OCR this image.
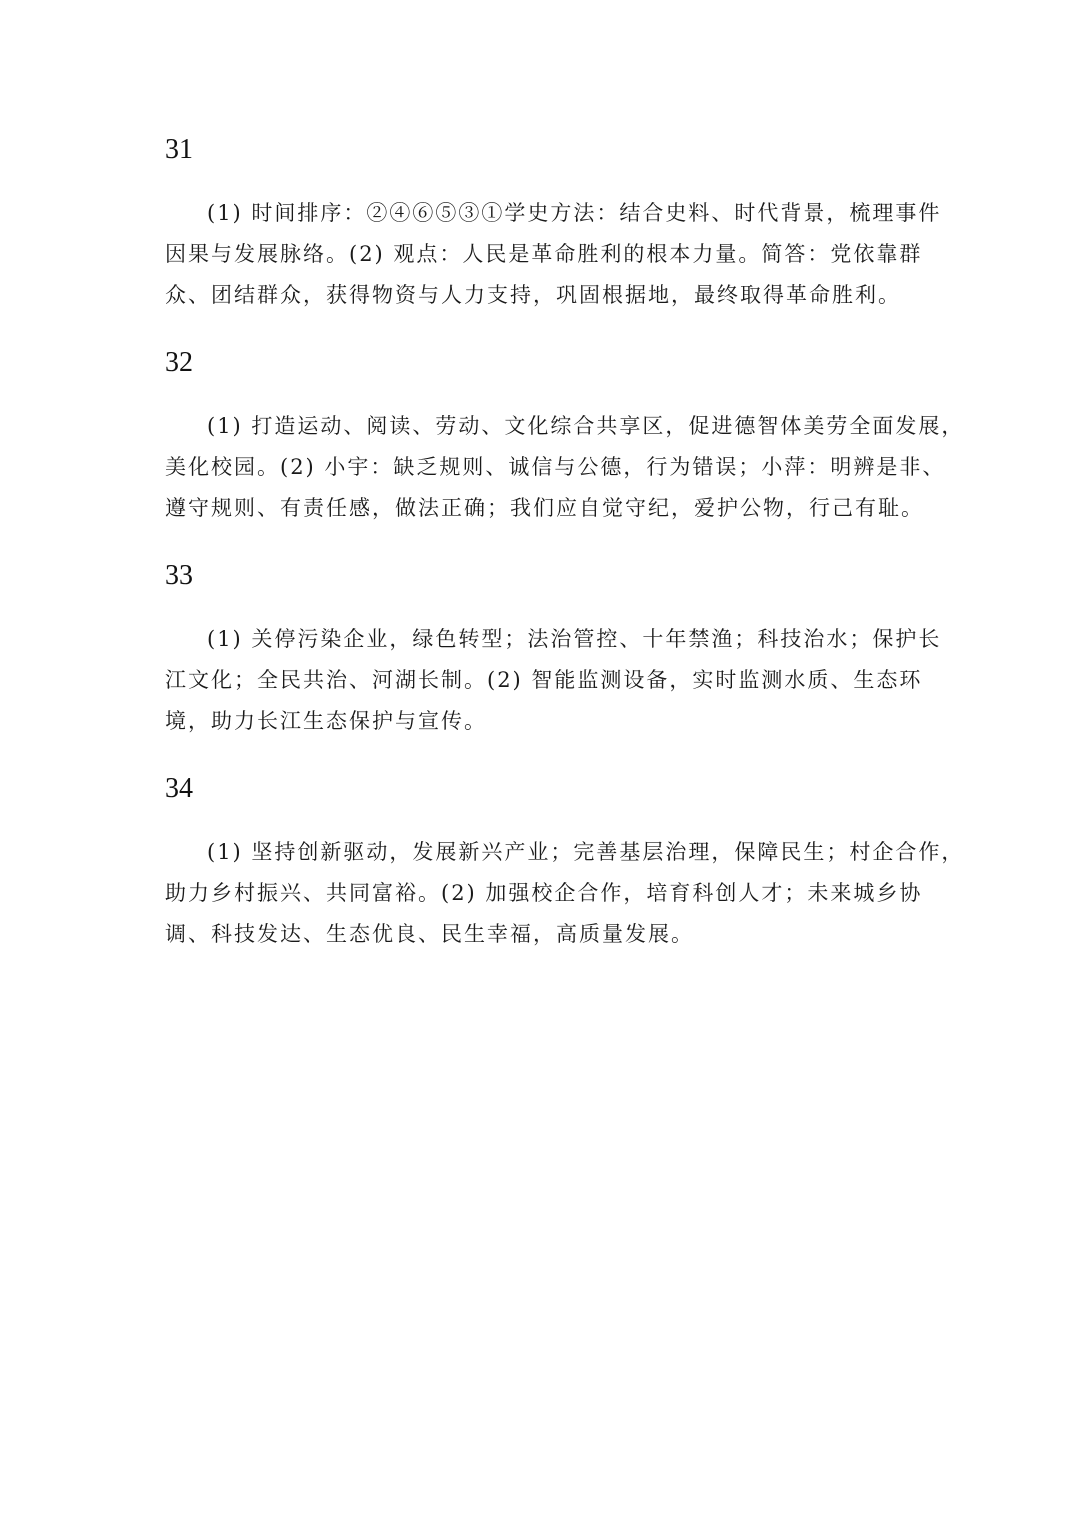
31
(1) 时间排序：②④⑥⑤③①学史方法：结合史料、时代背景，梳理事件
因果与发展脉络。(2) 观点：人民是革命胜利的根本力量。简答：党依靠群
众、团结群众，获得物资与人力支持，巩固根据地，最终取得革命胜利。
32
(1) 打造运动、阅读、劳动、文化综合共享区，促进德智体美劳全面发展，
美化校园。(2) 小宇：缺乏规则、诚信与公德，行为错误；小萍：明辨是非、
遵守规则、有责任感，做法正确；我们应自觉守纪，爱护公物，行己有耻。
33
(1) 关停污染企业，绿色转型；法治管控、十年禁渔；科技治水；保护长
江文化；全民共治、河湖长制。(2) 智能监测设备，实时监测水质、生态环
境，助力长江生态保护与宣传。
34
(1) 坚持创新驱动，发展新兴产业；完善基层治理，保障民生；村企合作，
助力乡村振兴、共同富裕。(2) 加强校企合作，培育科创人才；未来城乡协
调、科技发达、生态优良、民生幸福，高质量发展。
